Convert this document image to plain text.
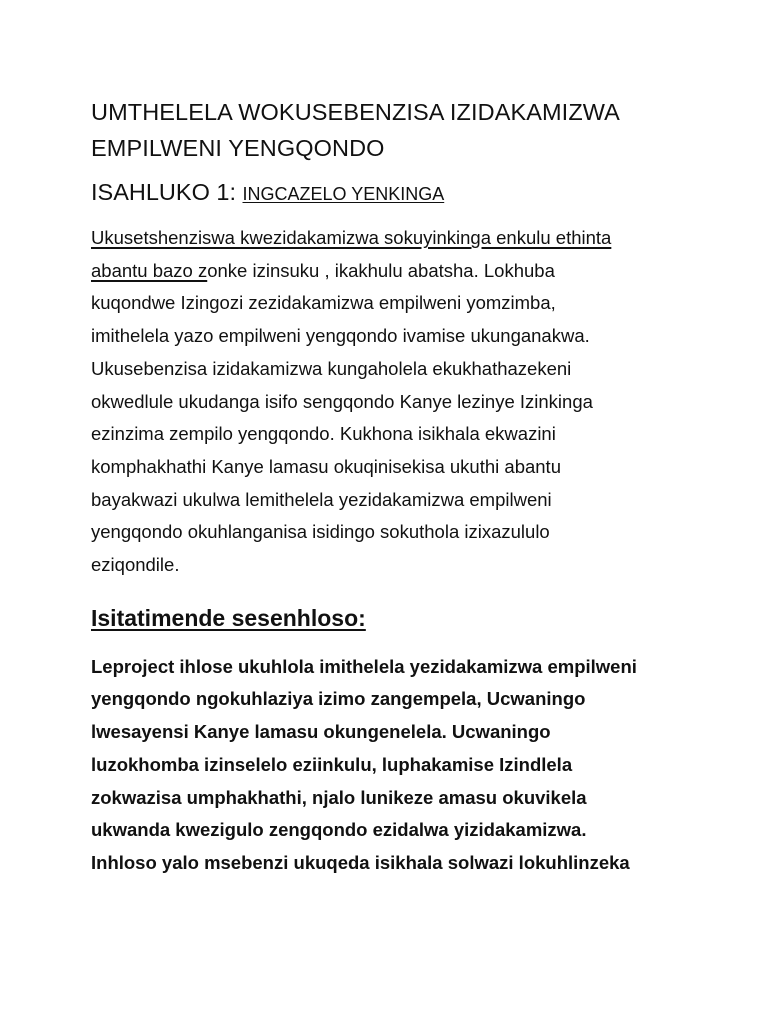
UMTHELELA WOKUSEBENZISA IZIDAKAMIZWA
EMPILWENI YENGQONDO
ISAHLUKO 1: INGCAZELO YENKINGA
Ukusetshenziswa kwezidakamizwa sokuyinkinga enkulu ethinta
abantu bazo zonke izinsuku , ikakhulu abatsha. Lokhuba
kuqondwe Izingozi zezidakamizwa empilweni yomzimba,
imithelela yazo empilweni yengqondo ivamise ukunganakwa.
Ukusebenzisa izidakamizwa kungaholela ekukhathazekeni
okwedlule ukudanga isifo sengqondo Kanye lezinye Izinkinga
ezinzima zempilo yengqondo. Kukhona isikhala ekwazini
komphakhathi Kanye lamasu okuqinisekisa ukuthi abantu
bayakwazi ukulwa lemithelela yezidakamizwa empilweni
yengqondo okuhlanganisa isidingo sokuthola izixazululo
eziqondile.
Isitatimende sesenhloso:
Leproject ihlose ukuhlola imithelela yezidakamizwa empilweni
yengqondo ngokuhlaziya izimo zangempela, Ucwaningo
lwesayensi Kanye lamasu okungenelela. Ucwaningo
luzokhomba izinselelo eziinkulu, luphakamise Izindlela
zokwazisa umphakhathi, njalo lunikeze amasu okuvikela
ukwanda kwezigulo zengqondo ezidalwa yizidakamizwa.
Inhloso yalo msebenzi ukuqeda isikhala solwazi lokuhlinzeka
